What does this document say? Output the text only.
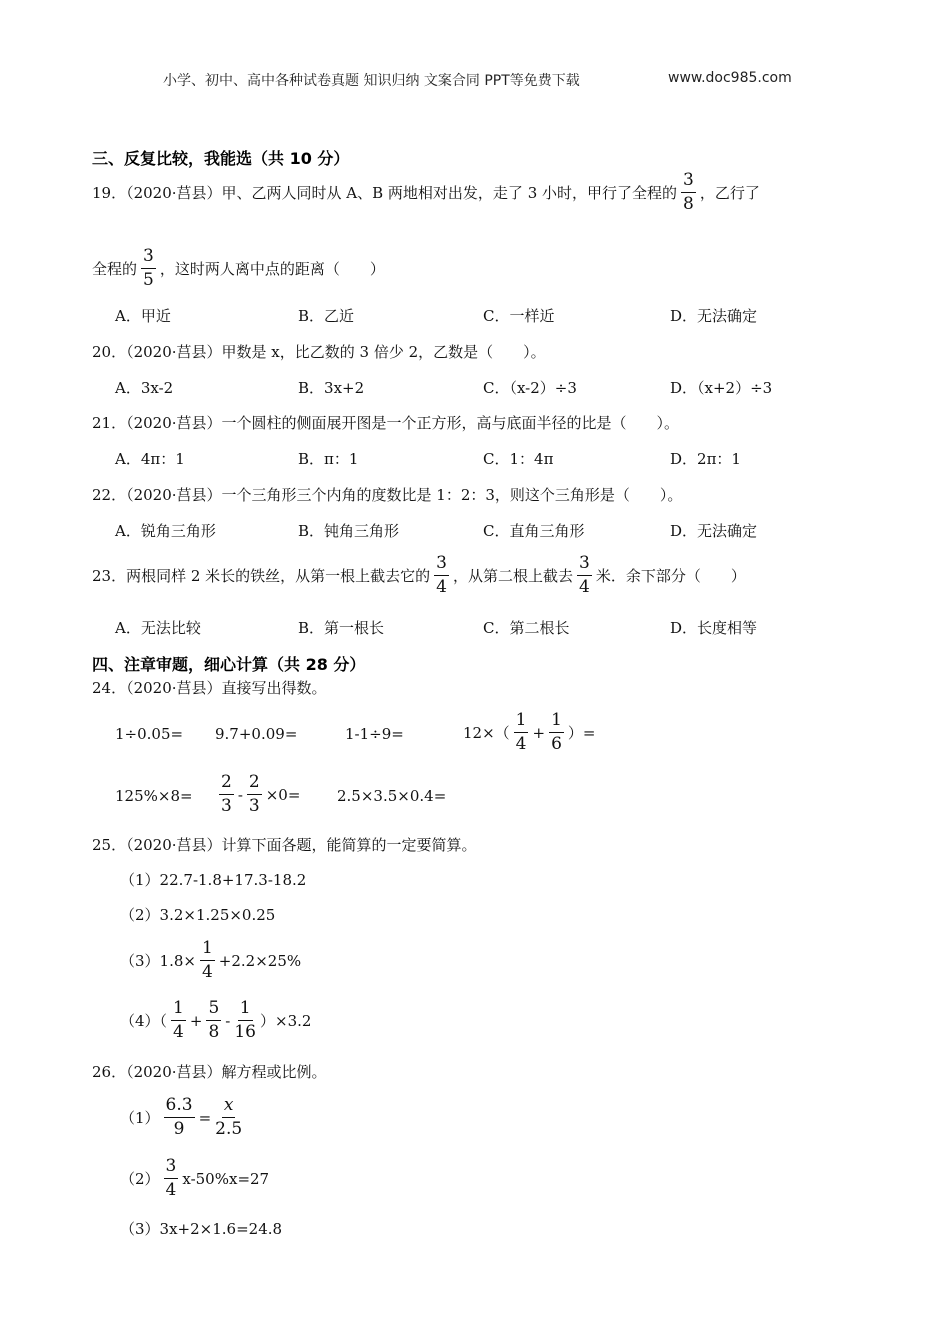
小学、初中、高中各种试卷真题 知识归纳 文案合同 PPT等免费下载	www.doc985.com
三、反复比较，我能选（共 10 分）
19．（2020·莒县）甲、乙两人同时从 A、B 两地相对出发，走了 3 小时，甲行了全程的 $\frac{3}{8}$ ，乙行了
全程的 $\frac{3}{5}$ ，这时两人离中点的距离（　　）
A．甲近	B．乙近	C．一样近	D．无法确定
20．（2020·莒县）甲数是 x，比乙数的 3 倍少 2，乙数是（　　）。
A．3x-2	B．3x+2	C．（x-2）÷3	D．（x+2）÷3
21．（2020·莒县）一个圆柱的侧面展开图是一个正方形，高与底面半径的比是（　　）。
A．4π：1	B．π：1	C．1：4π	D．2π：1
22．（2020·莒县）一个三角形三个内角的度数比是 1：2：3，则这个三角形是（　　）。
A．锐角三角形	B．钝角三角形	C．直角三角形	D．无法确定
23．两根同样 2 米长的铁丝，从第一根上截去它的 $\frac{3}{4}$ ，从第二根上截去 $\frac{3}{4}$ 米．余下部分（　　）
A．无法比较	B．第一根长	C．第二根长	D．长度相等
四、注章审题，细心计算（共 28 分）
24．（2020·莒县）直接写出得数。
1÷0.05= 9.7+0.09=	1-1÷9=	$12\times( \frac{1}{4} + \frac{1}{6}$ ）=
$125\%\times 8= \frac{2}{3} - \frac{2}{3} \times 0= 2.5\times 3.5\times 0.4=$
25．（2020·莒县）计算下面各题，能简算的一定要简算。
（1）22.7-1.8+17.3-18.2
（2）3.2×1.25×0.25
$(3)1.8\times \frac{1}{4} +2.2\times 25\%$
$(4)( \frac{1}{4} + \frac{5}{8} - \frac{1}{16} )\times 3.2$
26．（2020·莒县）解方程或比例。
$(1) \frac{6.3}{9} = \frac{x}{2.5}$
$(2) \frac{3}{4} x-50\%x=27$
（3）3x+2×1.6=24.8
